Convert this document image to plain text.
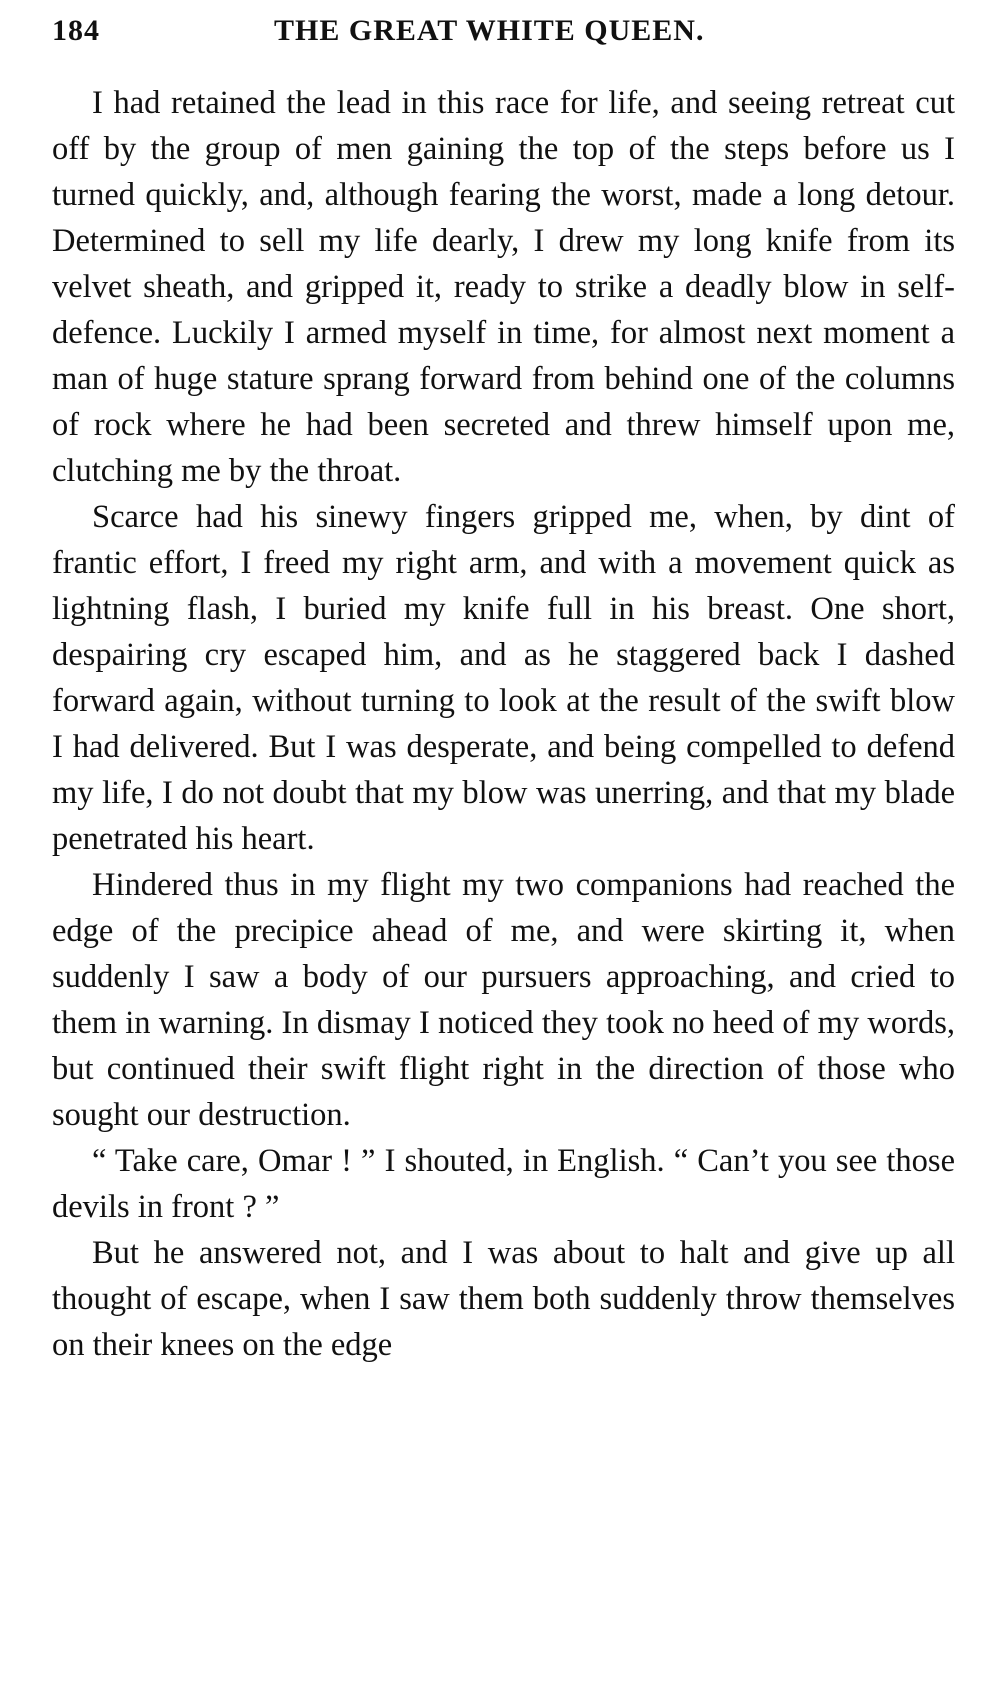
184	THE GREAT WHITE QUEEN.

I had retained the lead in this race for life, and seeing retreat cut off by the group of men gaining the top of the steps before us I turned quickly, and, although fearing the worst, made a long detour. Determined to sell my life dearly, I drew my long knife from its velvet sheath, and gripped it, ready to strike a deadly blow in self-defence. Luckily I armed myself in time, for almost next moment a man of huge stature sprang forward from behind one of the columns of rock where he had been secreted and threw himself upon me, clutching me by the throat.

Scarce had his sinewy fingers gripped me, when, by dint of frantic effort, I freed my right arm, and with a movement quick as lightning flash, I buried my knife full in his breast. One short, despairing cry escaped him, and as he staggered back I dashed forward again, without turning to look at the result of the swift blow I had delivered. But I was desperate, and being compelled to defend my life, I do not doubt that my blow was unerring, and that my blade penetrated his heart.

Hindered thus in my flight my two companions had reached the edge of the precipice ahead of me, and were skirting it, when suddenly I saw a body of our pursuers approaching, and cried to them in warning. In dismay I noticed they took no heed of my words, but continued their swift flight right in the direction of those who sought our destruction.

“ Take care, Omar ! ” I shouted, in English. “ Can’t you see those devils in front ? ”

But he answered not, and I was about to halt and give up all thought of escape, when I saw them both suddenly throw themselves on their knees on the edge
